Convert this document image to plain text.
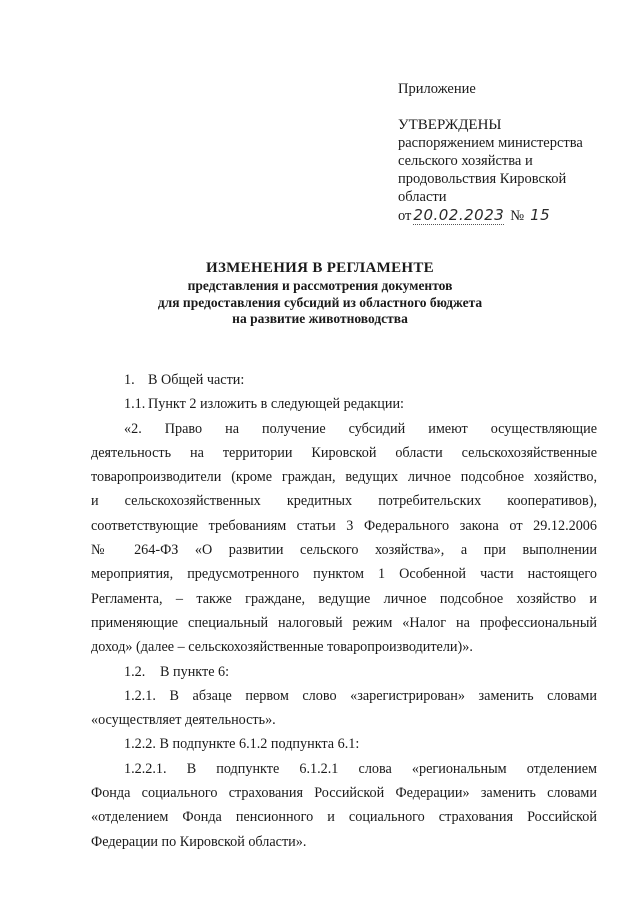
Приложение
УТВЕРЖДЕНЫ
распоряжением министерства
сельского хозяйства и
продовольствия Кировской
области
от 20.02.2023 № 15
ИЗМЕНЕНИЯ В РЕГЛАМЕНТЕ
представления и рассмотрения документов
для предоставления субсидий из областного бюджета
на развитие животноводства

1. В Общей части:

1.1. Пункт 2 изложить в следующей редакции:

«2. Право на получение субсидий имеют осуществляющие

деятельность на территории Кировской области сельскохозяйственные

товаропроизводители (кроме граждан, ведущих личное подсобное хозяйство,

и сельскохозяйственных кредитных потребительских кооперативов),

соответствующие требованиям статьи 3 Федерального закона от 29.12.2006

№ 264-ФЗ «О развитии сельского хозяйства», а при выполнении

мероприятия, предусмотренного пунктом 1 Особенной части настоящего

Регламента, – также граждане, ведущие личное подсобное хозяйство и

применяющие специальный налоговый режим «Налог на профессиональный

доход» (далее – сельскохозяйственные товаропроизводители)».

1.2. В пункте 6:

1.2.1. В абзаце первом слово «зарегистрирован» заменить словами

«осуществляет деятельность».

1.2.2. В подпункте 6.1.2 подпункта 6.1:

1.2.2.1. В подпункте 6.1.2.1 слова «региональным отделением

Фонда социального страхования Российской Федерации» заменить словами

«отделением Фонда пенсионного и социального страхования Российской

Федерации по Кировской области».
